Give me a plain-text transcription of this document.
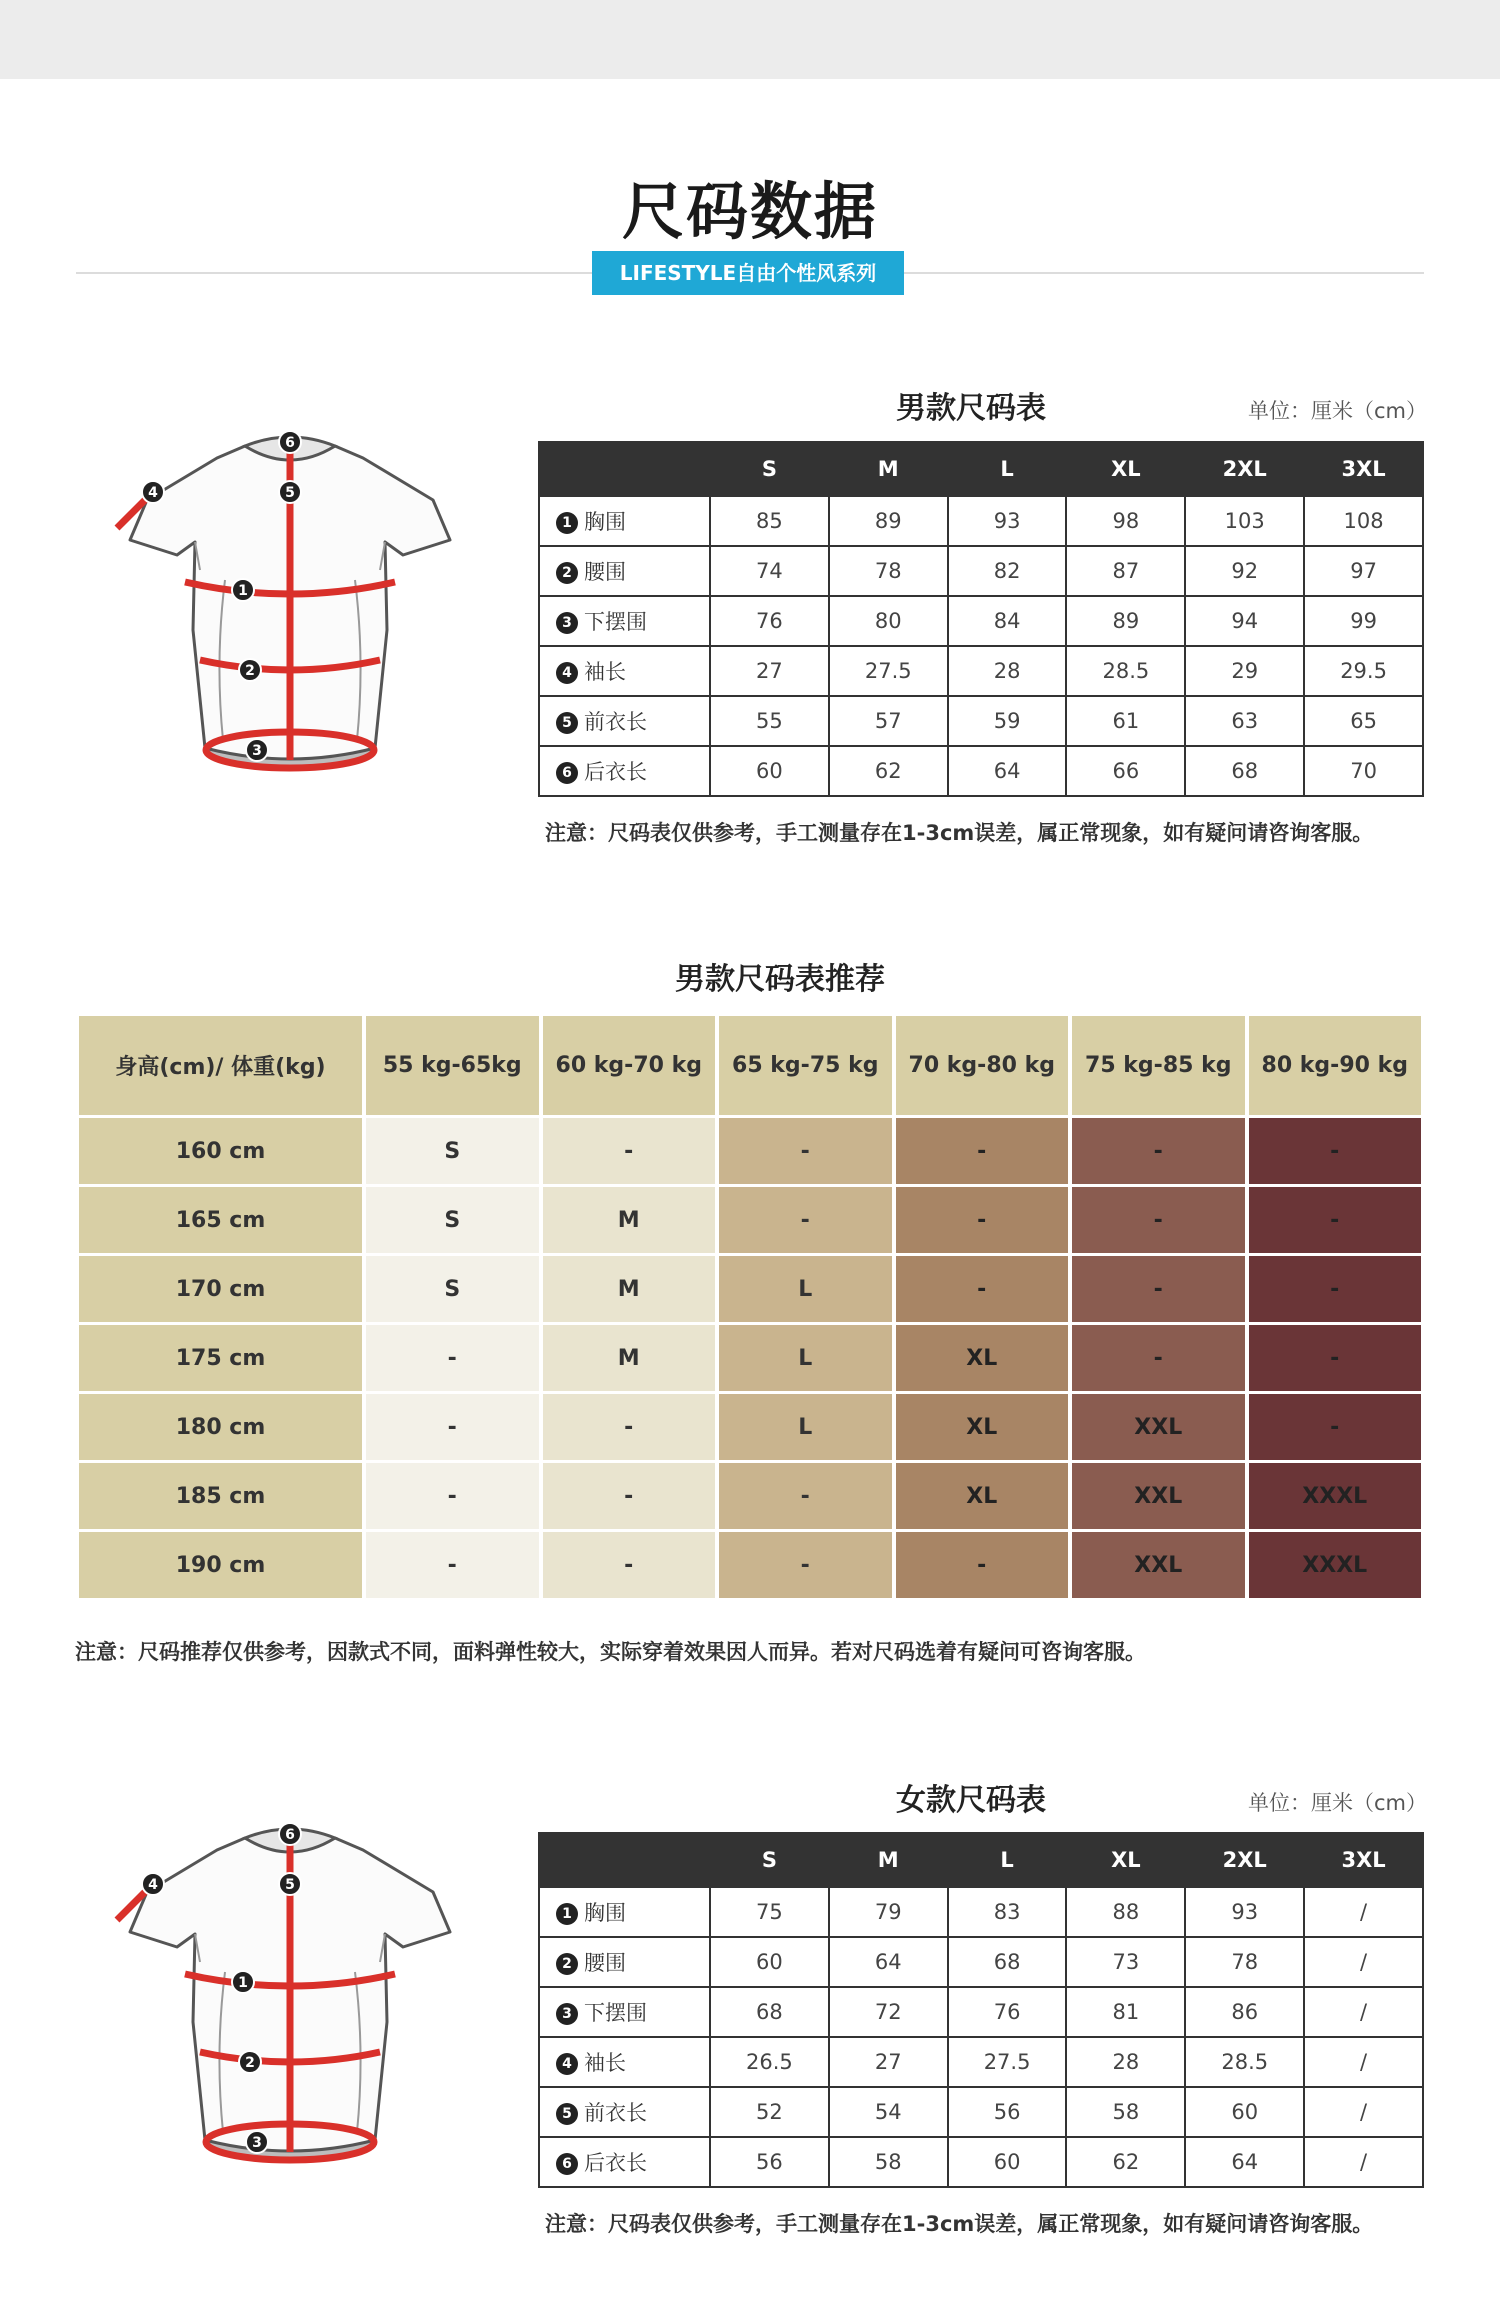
尺码数据
LIFESTYLE自由个性风系列
男款尺码表	单位：厘米（cm）
1
2
3
4	5
6
	S	M	L	XL	2XL	3XL
1 胸围	85	89	93	98	103	108
2 腰围	74	78	82	87	92	97
3 下摆围	76	80	84	89	94	99
4 袖长	27	27.5	28	28.5	29	29.5
5 前衣长	55	57	59	61	63	65
6 后衣长	60	62	64	66	68	70
注意：尺码表仅供参考，手工测量存在1-3cm误差，属正常现象，如有疑问请咨询客服。
男款尺码表推荐
身高(cm)/ 体重(kg)	55 kg-65kg	60 kg-70 kg	65 kg-75 kg	70 kg-80 kg	75 kg-85 kg	80 kg-90 kg
160 cm	S	-	-	-	-	-
165 cm	S	M	-	-	-	-
170 cm	S	M	L	-	-	-
175 cm	-	M	L	XL	-	-
180 cm	-	-	L	XL	XXL	-
185 cm	-	-	-	XL	XXL	XXXL
190 cm	-	-	-	-	XXL	XXXL
注意：尺码推荐仅供参考，因款式不同，面料弹性较大，实际穿着效果因人而异。若对尺码选着有疑问可咨询客服。
女款尺码表	单位：厘米（cm）
1
2
3
4	5
6
	S	M	L	XL	2XL	3XL
1 胸围	75	79	83	88	93	/
2 腰围	60	64	68	73	78	/
3 下摆围	68	72	76	81	86	/
4 袖长	26.5	27	27.5	28	28.5	/
5 前衣长	52	54	56	58	60	/
6 后衣长	56	58	60	62	64	/
注意：尺码表仅供参考，手工测量存在1-3cm误差，属正常现象，如有疑问请咨询客服。
